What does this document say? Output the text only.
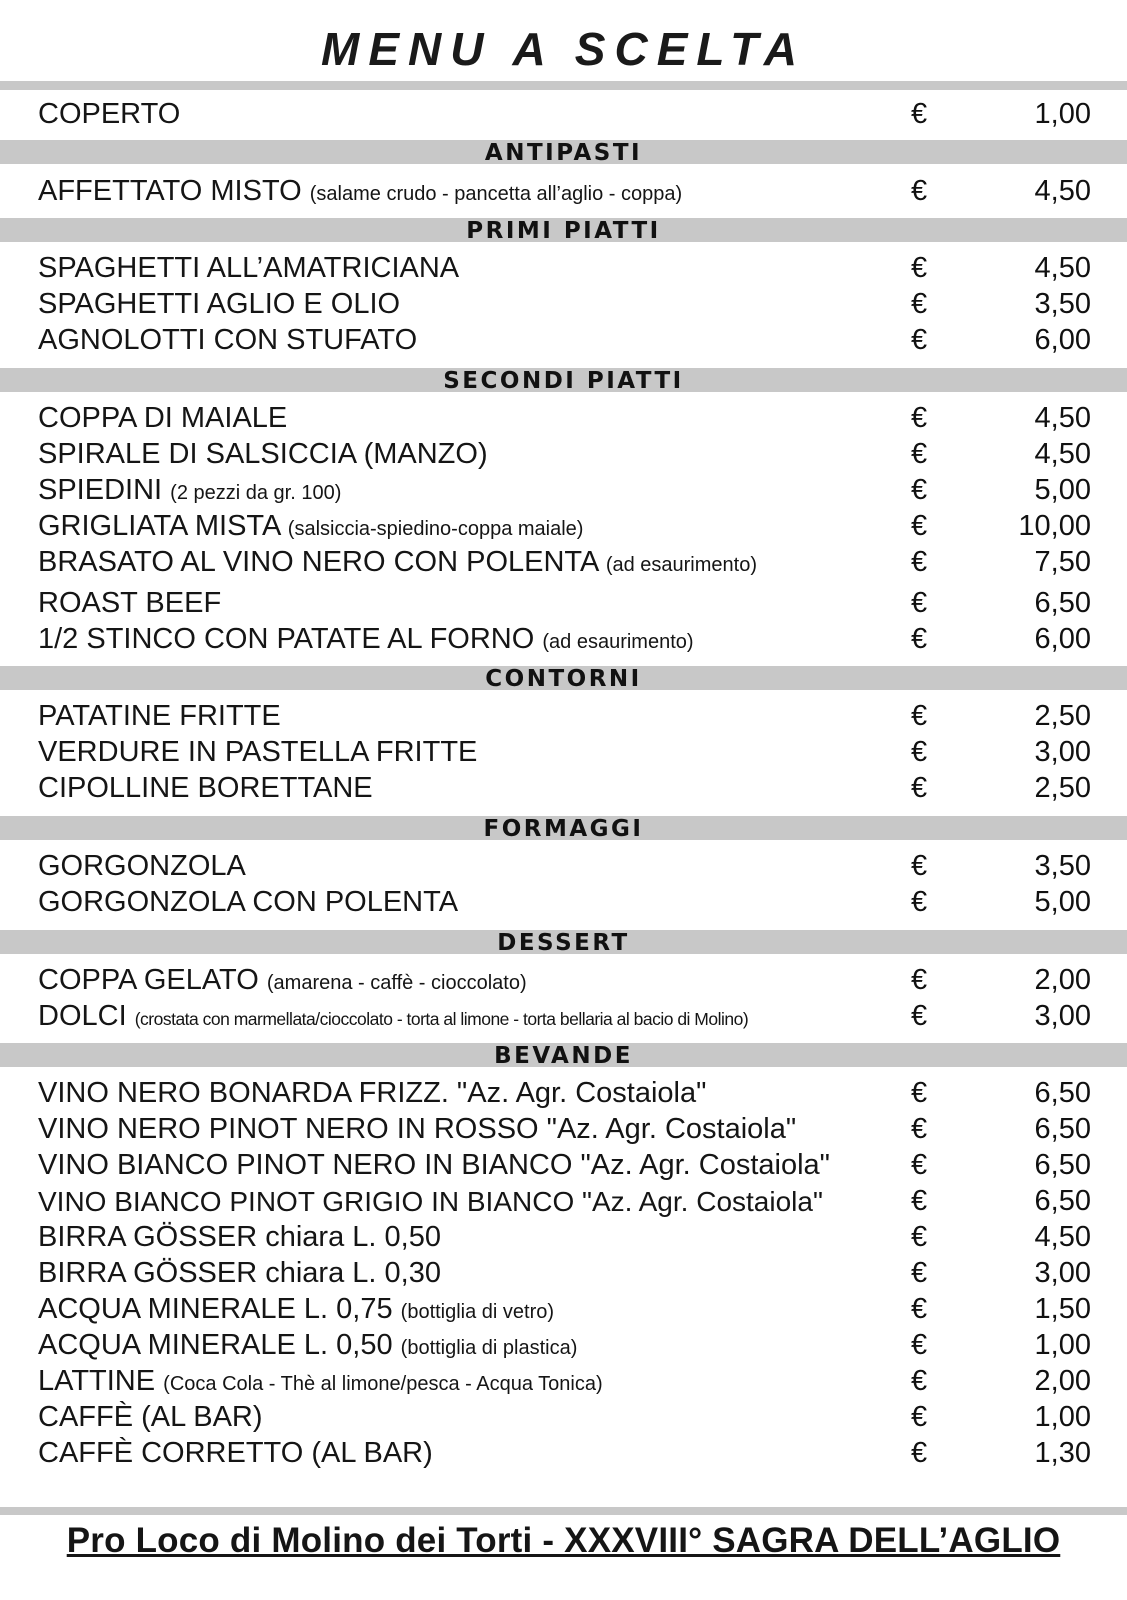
MENU A SCELTA
COPERTO	€	1,00
ANTIPASTI
AFFETTATO MISTO (salame crudo - pancetta all’aglio - coppa)	€	4,50
PRIMI PIATTI
SPAGHETTI ALL’AMATRICIANA	€	4,50
SPAGHETTI AGLIO E OLIO	€	3,50
AGNOLOTTI CON STUFATO	€	6,00
SECONDI PIATTI
COPPA DI MAIALE	€	4,50
SPIRALE DI SALSICCIA (MANZO)	€	4,50
SPIEDINI (2 pezzi da gr. 100)	€	5,00
GRIGLIATA MISTA (salsiccia-spiedino-coppa maiale)	€	10,00
BRASATO AL VINO NERO CON POLENTA (ad esaurimento)	€	7,50
ROAST BEEF	€	6,50
1/2 STINCO CON PATATE AL FORNO (ad esaurimento)	€	6,00
CONTORNI
PATATINE FRITTE	€	2,50
VERDURE IN PASTELLA FRITTE	€	3,00
CIPOLLINE BORETTANE	€	2,50
FORMAGGI
GORGONZOLA	€	3,50
GORGONZOLA CON POLENTA	€	5,00
DESSERT
COPPA GELATO (amarena - caffè - cioccolato)	€	2,00
DOLCI (crostata con marmellata/cioccolato - torta al limone - torta bellaria al bacio di Molino)	€	3,00
BEVANDE
VINO NERO BONARDA FRIZZ. "Az. Agr. Costaiola"	€	6,50
VINO NERO PINOT NERO IN ROSSO "Az. Agr. Costaiola"	€	6,50
VINO BIANCO PINOT NERO IN BIANCO "Az. Agr. Costaiola"	€	6,50
VINO BIANCO PINOT GRIGIO IN BIANCO "Az. Agr. Costaiola"	€	6,50
BIRRA GÖSSER chiara L. 0,50	€	4,50
BIRRA GÖSSER chiara L. 0,30	€	3,00
ACQUA MINERALE L. 0,75 (bottiglia di vetro)	€	1,50
ACQUA MINERALE L. 0,50 (bottiglia di plastica)	€	1,00
LATTINE (Coca Cola - Thè al limone/pesca - Acqua Tonica)	€	2,00
CAFFÈ (AL BAR)	€	1,00
CAFFÈ CORRETTO (AL BAR)	€	1,30
Pro Loco di Molino dei Torti - XXXVIII° SAGRA DELL’AGLIO
